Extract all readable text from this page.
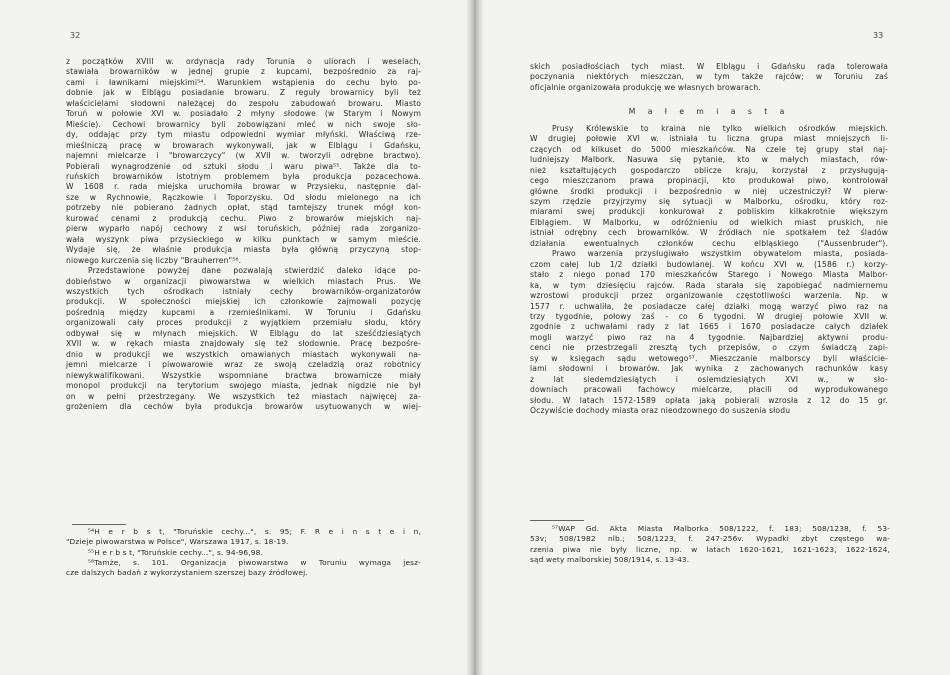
32
z początków XVIII w. ordynacja rady Torunia o uliorach i weselach,
stawiała browarników w jednej grupie z kupcami, bezpośrednio za raj-
cami i ławnikami miejskimi⁵⁴. Warunkiem wstąpienia do cechu było po-
dobnie jak w Elblągu posiadanie browaru. Z reguły browarnicy byli też
właścicielami słodowni należącej do zespołu zabudowań browaru. Miasto
Toruń w połowie XVI w. posiadało 2 młyny słodowe (w Starym i Nowym
Mieście). Cechowi browarnicy byli zobowiązani mleć w nich swoje sło-
dy, oddając przy tym miastu odpowiedni wymiar młyński. Właściwą rze-
mieślniczą pracę w browarach wykonywali, jak w Elblągu i Gdańsku,
najemni mielcarze i "browarczycy" (w XVII w. tworzyli odrębne bractwo).
Pobierali wynagrodzenie od sztuki słodu i waru piwa⁵⁵. Także dla to-
ruńskich browarników istotnym problemem była produkcja pozacechowa.
W 1608 r. rada miejska uruchomiła browar w Przysieku, następnie dal-
sze w Rychnowie, Rączkowie i Toporzysku. Od słodu mielonego na ich
potrzeby nie pobierano żadnych opłat, stąd tamtejszy trunek mógł kon-
kurować cenami z produkcją cechu. Piwo z browarów miejskich naj-
pierw wyparło napój cechowy z wsi toruńskich, później rada zorganizo-
wała wyszynk piwa przysieckiego w kilku punktach w samym mieście.
Wydaje się, że właśnie produkcja miasta była główną przyczyną stop-
niowego kurczenia się liczby "Brauherren"⁵⁶.
Przedstawione powyżej dane pozwalają stwierdzić daleko idące po-
dobieństwo w organizacji piwowarstwa w wielkich miastach Prus. We
wszystkich tych ośrodkach istniały cechy browarników-organizatorów
produkcji. W społeczności miejskiej ich członkowie zajmowali pozycję
pośrednią między kupcami a rzemieślnikami. W Toruniu i Gdańsku
organizowali cały proces produkcji z wyjątkiem przemiału słodu, który
odbywał się w młynach miejskich. W Elblągu do lat sześćdziesiątych
XVII w. w rękach miasta znajdowały się też słodownie. Pracę bezpośre-
dnio w produkcji we wszystkich omawianych miastach wykonywali na-
jemni mielcarze i piwowarowie wraz ze swoją czeladzią oraz robotnicy
niewykwalifikowani. Wszystkie wspomniane bractwa browarnicze miały
monopol produkcji na terytorium swojego miasta, jednak nigdzie nie był
on w pełni przestrzegany. We wszystkich też miastach najwięcej za-
grożeniem dla cechów była produkcja browarów usytuowanych w wiej-
⁵⁴H e r b s t, "Toruńskie cechy...", s. 95; F. R e i n s t e i n,
"Dzieje piwowarstwa w Polsce", Warszawa 1917, s. 18-19.
⁵⁵H e r b s t, "Toruńskie cechy...", s. 94-96,98.
⁵⁶Tamże, s. 101. Organizacja piwowarstwa w Toruniu wymaga jesz-
cze dalszych badań z wykorzystaniem szerszej bazy źródłowej.
33
skich posiadłościach tych miast. W Elblągu i Gdańsku rada tolerowała
poczynania niektórych mieszczan, w tym także rajców; w Toruniu zaś
oficjalnie organizowała produkcję we własnych browarach.
M a ł e m i a s t a
Prusy Królewskie to kraina nie tylko wielkich ośrodków miejskich.
W drugiej połowie XVI w. istniała tu liczna grupa miast mniejszych li-
czących od kilkuset do 5000 mieszkańców. Na czele tej grupy stał naj-
ludniejszy Malbork. Nasuwa się pytanie, kto w małych miastach, rów-
nież kształtujących gospodarczo oblicze kraju, korzystał z przysługują-
cego mieszczanom prawa propinacji, kto produkował piwo, kontrolował
główne środki produkcji i bezpośrednio w niej uczestniczył? W pierw-
szym rzędzie przyjrzymy się sytuacji w Malborku, ośrodku, który roz-
miarami swej produkcji konkurował z pobliskim kilkakrotnie większym
Elblągiem. W Malborku, w odróżnieniu od wielkich miast pruskich, nie
istniał odrębny cech browarników. W źródłach nie spotkałem też śladów
działania ewentualnych członków cechu elbląskiego ("Aussenbruder").
Prawo warzenia przysługiwało wszystkim obywatelom miasta, posiada-
czom całej lub 1/2 działki budowlanej. W końcu XVI w. (1586 r.) korzy-
stało z niego ponad 170 mieszkańców Starego i Nowego Miasta Malbor-
ka, w tym dziesięciu rajców. Rada starała się zapobiegać nadmiernemu
wzrostowi produkcji przez organizowanie częstotliwości warzenia. Np. w
1577 r. uchwaliła, że posiadacze całej działki mogą warzyć piwo raz na
trzy tygodnie, połowy zaś - co 6 tygodni. W drugiej połowie XVII w.
zgodnie z uchwałami rady z lat 1665 i 1670 posiadacze całych działek
mogli warzyć piwo raz na 4 tygodnie. Najbardziej aktywni produ-
cenci nie przestrzegali zresztą tych przepisów, o czym świadczą zapi-
sy w księgach sądu wetowego⁵⁷. Mieszczanie malborscy byli właścicie-
lami słodowni i browarów. Jak wynika z zachowanych rachunków kasy
z lat siedemdziesiątych i osiemdziesiątych XVI w., w sło-
downiach pracowali fachowcy mielcarze, płacili od wyprodukowanego
słodu. W latach 1572-1589 opłata jaką pobierali wzrosła z 12 do 15 gr.
Oczywiście dochody miasta oraz nieodzownego do suszenia słodu
⁵⁷WAP Gd. Akta Miasta Malborka 508/1222, f. 183; 508/1238, f. 53-
53v; 508/1982 nlb.; 508/1223, f. 247-256v. Wypadki zbyt częstego wa-
rzenia piwa nie były liczne, np. w latach 1620-1621, 1621-1623, 1622-1624,
sąd wety malborskiej 508/1914, s. 13-43.
